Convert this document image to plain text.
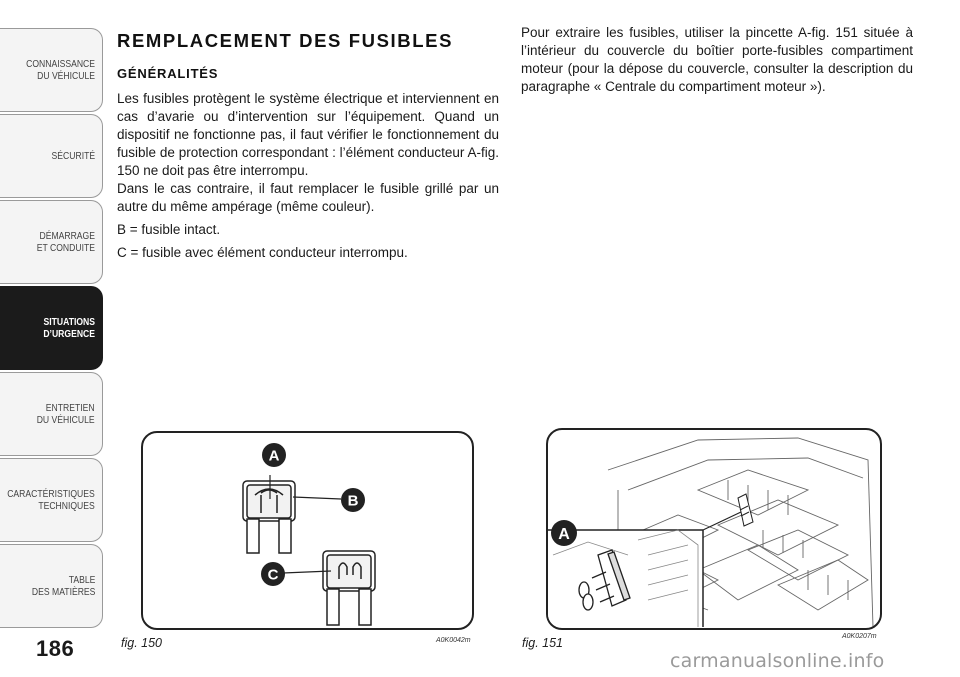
CONNAISSANCE
DU VÉHICULE
SÉCURITÉ
DÉMARRAGE
ET CONDUITE
SITUATIONS
D’URGENCE
ENTRETIEN
DU VÉHICULE
CARACTÉRISTIQUES
TECHNIQUES
TABLE
DES MATIÈRES
186
REMPLACEMENT DES FUSIBLES
GÉNÉRALITÉS

Les fusibles protègent le système électrique et interviennent en cas d’avarie ou d’intervention sur l’équipement. Quand un dispositif ne fonctionne pas, il faut vérifier le fonctionnement du fusible de protection correspondant : l’élément conducteur A-fig. 150 ne doit pas être interrompu.

Dans le cas contraire, il faut remplacer le fusible grillé par un autre du même ampérage (même couleur).

B = fusible intact.

C = fusible avec élément conducteur interrompu.

Pour extraire les fusibles, utiliser la pincette A-fig. 151 située à l’intérieur du couvercle du boîtier porte-fusibles compartiment moteur (pour la dépose du couvercle, consulter la description du paragraphe « Centrale du compartiment moteur »).

A
B
C
fig. 150	A0K0042m
A
fig. 151	A0K0207m
carmanualsonline.info
